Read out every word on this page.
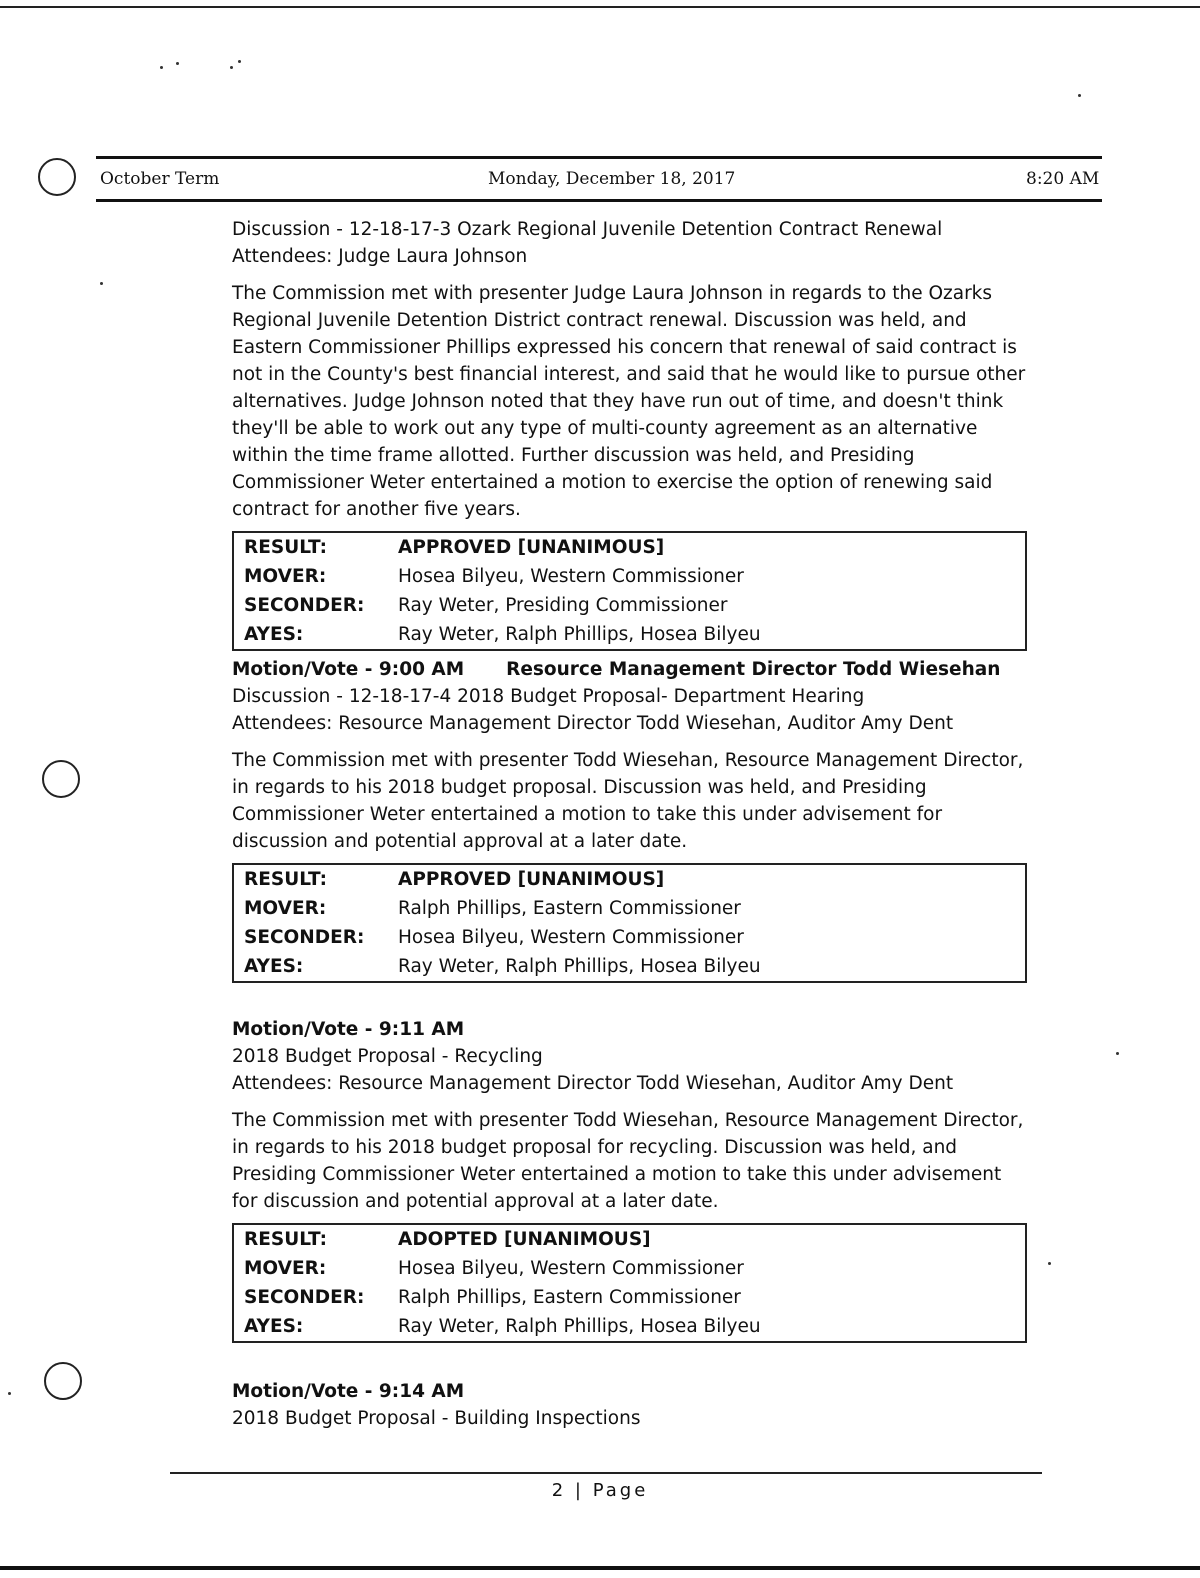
October Term	Monday, December 18, 2017	8:20 AM

Discussion - 12-18-17-3 Ozark Regional Juvenile Detention Contract Renewal

Attendees: Judge Laura Johnson

The Commission met with presenter Judge Laura Johnson in regards to the Ozarks Regional Juvenile Detention District contract renewal. Discussion was held, and Eastern Commissioner Phillips expressed his concern that renewal of said contract is not in the County's best financial interest, and said that he would like to pursue other alternatives. Judge Johnson noted that they have run out of time, and doesn't think they'll be able to work out any type of multi-county agreement as an alternative within the time frame allotted. Further discussion was held, and Presiding Commissioner Weter entertained a motion to exercise the option of renewing said contract for another five years.

RESULT:	APPROVED [UNANIMOUS]
MOVER:	Hosea Bilyeu, Western Commissioner
SECONDER:	Ray Weter, Presiding Commissioner
AYES:	Ray Weter, Ralph Phillips, Hosea Bilyeu

Motion/Vote - 9:00 AM Resource Management Director Todd Wiesehan

Discussion - 12-18-17-4 2018 Budget Proposal- Department Hearing

Attendees: Resource Management Director Todd Wiesehan, Auditor Amy Dent

The Commission met with presenter Todd Wiesehan, Resource Management Director, in regards to his 2018 budget proposal. Discussion was held, and Presiding Commissioner Weter entertained a motion to take this under advisement for discussion and potential approval at a later date.

RESULT:	APPROVED [UNANIMOUS]
MOVER:	Ralph Phillips, Eastern Commissioner
SECONDER:	Hosea Bilyeu, Western Commissioner
AYES:	Ray Weter, Ralph Phillips, Hosea Bilyeu

Motion/Vote - 9:11 AM

2018 Budget Proposal - Recycling

Attendees: Resource Management Director Todd Wiesehan, Auditor Amy Dent

The Commission met with presenter Todd Wiesehan, Resource Management Director, in regards to his 2018 budget proposal for recycling. Discussion was held, and Presiding Commissioner Weter entertained a motion to take this under advisement for discussion and potential approval at a later date.

RESULT:	ADOPTED [UNANIMOUS]
MOVER:	Hosea Bilyeu, Western Commissioner
SECONDER:	Ralph Phillips, Eastern Commissioner
AYES:	Ray Weter, Ralph Phillips, Hosea Bilyeu

Motion/Vote - 9:14 AM

2018 Budget Proposal - Building Inspections

2 | Page
